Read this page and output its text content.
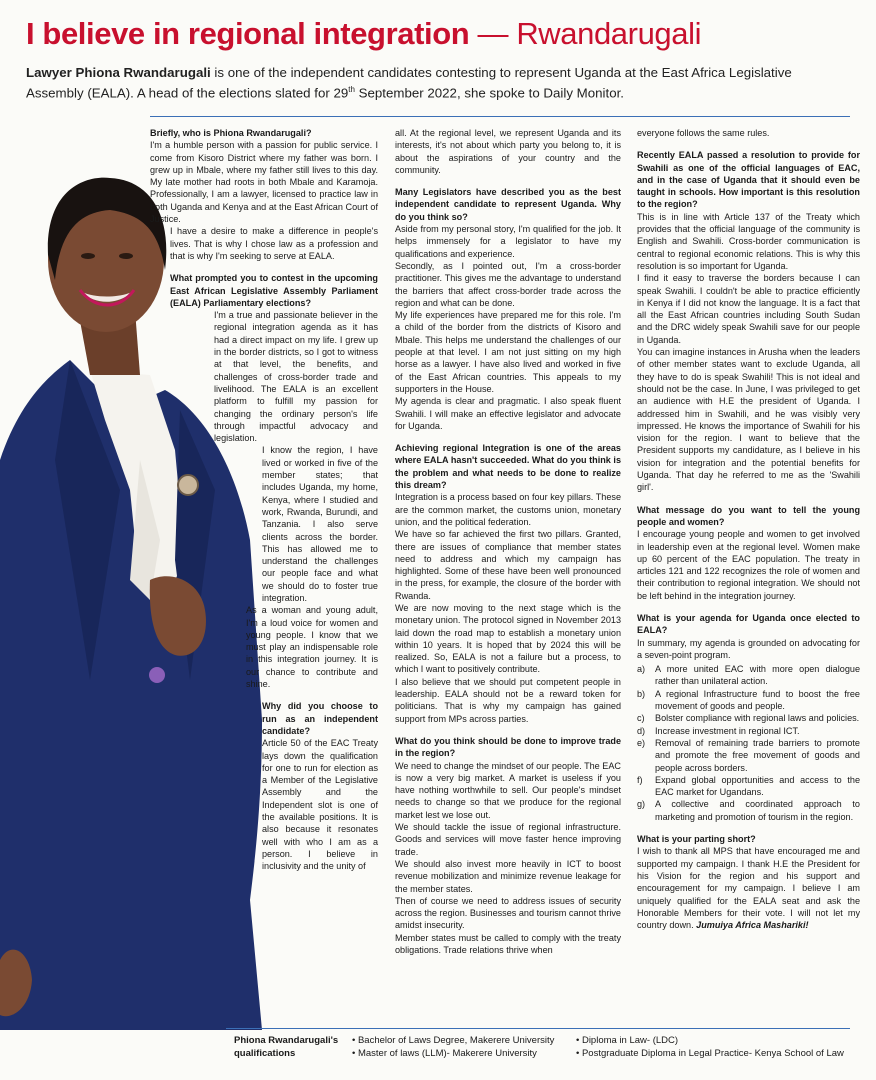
I believe in regional integration — Rwandarugali

Lawyer Phiona Rwandarugali is one of the independent candidates contesting to represent Uganda at the East Africa Legislative Assembly (EALA). A head of the elections slated for 29th September 2022, she spoke to Daily Monitor.

Briefly, who is Phiona Rwandarugali?

I'm a humble person with a passion for public service. I come from Kisoro District where my father was born. I grew up in Mbale, where my father still lives to this day. My late mother had roots in both Mbale and Karamoja. Professionally, I am a lawyer, licensed to practice law in both Uganda and Kenya and at the East African Court of Justice.

I have a desire to make a difference in people's lives. That is why I chose law as a profession and that is why I'm seeking to serve at EALA.

What prompted you to contest in the upcoming East African Legislative Assembly Parliament (EALA) Parliamentary elections?

I'm a true and passionate believer in the regional integration agenda as it has had a direct impact on my life. I grew up in the border districts, so I got to witness at that level, the benefits, and challenges of cross-border trade and livelihood. The EALA is an excellent platform to fulfill my passion for changing the ordinary person's life through impactful advocacy and legislation.

I know the region, I have lived or worked in five of the member states; that includes Uganda, my home, Kenya, where I studied and work, Rwanda, Burundi, and Tanzania. I also serve clients across the border. This has allowed me to understand the challenges our people face and what we should do to foster true integration.

As a woman and young adult, I'm a loud voice for women and young people. I know that we must play an indispensable role in this integration journey. It is our chance to contribute and shine.

Why did you choose to run as an independent candidate?

Article 50 of the EAC Treaty lays down the qualification for one to run for election as a Member of the Legislative Assembly and the Independent slot is one of the available positions. It is also because it resonates well with who I am as a person. I believe in inclusivity and the unity of

all. At the regional level, we represent Uganda and its interests, it's not about which party you belong to, it is about the aspirations of your country and the community.

Many Legislators have described you as the best independent candidate to represent Uganda. Why do you think so?

Aside from my personal story, I'm qualified for the job. It helps immensely for a legislator to have my qualifications and experience.

Secondly, as I pointed out, I'm a cross-border practitioner. This gives me the advantage to understand the barriers that affect cross-border trade across the region and what can be done.

My life experiences have prepared me for this role. I'm a child of the border from the districts of Kisoro and Mbale. This helps me understand the challenges of our people at that level. I am not just sitting on my high horse as a lawyer. I have also lived and worked in five of the East African countries. This appeals to my supporters in the House.

My agenda is clear and pragmatic. I also speak fluent Swahili. I will make an effective legislator and advocate for Uganda.

Achieving regional Integration is one of the areas where EALA hasn't succeeded. What do you think is the problem and what needs to be done to realize this dream?

Integration is a process based on four key pillars. These are the common market, the customs union, monetary union, and the political federation.

We have so far achieved the first two pillars. Granted, there are issues of compliance that member states need to address and which my campaign has highlighted. Some of these have been well pronounced in the press, for example, the closure of the border with Rwanda.

We are now moving to the next stage which is the monetary union. The protocol signed in November 2013 laid down the road map to establish a monetary union within 10 years. It is hoped that by 2024 this will be realized. So, EALA is not a failure but a process, to which I want to positively contribute.

I also believe that we should put competent people in leadership. EALA should not be a reward token for politicians. That is why my campaign has gained support from MPs across parties.

What do you think should be done to improve trade in the region?

We need to change the mindset of our people. The EAC is now a very big market. A market is useless if you have nothing worthwhile to sell. Our people's mindset needs to change so that we produce for the regional market lest we lose out.

We should tackle the issue of regional infrastructure. Goods and services will move faster hence improving trade.

We should also invest more heavily in ICT to boost revenue mobilization and minimize revenue leakage for the member states.

Then of course we need to address issues of security across the region. Businesses and tourism cannot thrive amidst insecurity.

Member states must be called to comply with the treaty obligations. Trade relations thrive when

everyone follows the same rules.

Recently EALA passed a resolution to provide for Swahili as one of the official languages of EAC, and in the case of Uganda that it should even be taught in schools. How important is this resolution to the region?

This is in line with Article 137 of the Treaty which provides that the official language of the community is English and Swahili. Cross-border communication is central to regional economic relations. This is why this resolution is so important for Uganda.

I find it easy to traverse the borders because I can speak Swahili. I couldn't be able to practice efficiently in Kenya if I did not know the language. It is a fact that all the East African countries including South Sudan and the DRC widely speak Swahili save for our people in Uganda.

You can imagine instances in Arusha when the leaders of other member states want to exclude Uganda, all they have to do is speak Swahili! This is not ideal and should not be the case. In June, I was privileged to get an audience with H.E the president of Uganda. I addressed him in Swahili, and he was visibly very impressed. He knows the importance of Swahili for his vision for the region. I want to believe that the President supports my candidature, as I believe in his vision for integration and the potential benefits for Uganda. That day he referred to me as the 'Swahili girl'.

What message do you want to tell the young people and women?

I encourage young people and women to get involved in leadership even at the regional level. Women make up 60 percent of the EAC population. The treaty in articles 121 and 122 recognizes the role of women and their contribution to regional integration. We should not be left behind in the integration journey.

What is your agenda for Uganda once elected to EALA?

In summary, my agenda is grounded on advocating for a seven-point program.

a)	A more united EAC with more open dialogue rather than unilateral action.
b)	A regional Infrastructure fund to boost the free movement of goods and people.
c)	Bolster compliance with regional laws and policies.
d)	Increase investment in regional ICT.
e)	Removal of remaining trade barriers to promote and promote the free movement of goods and people across borders.
f)	Expand global opportunities and access to the EAC market for Ugandans.
g)	A collective and coordinated approach to marketing and promotion of tourism in the region.

What is your parting short?

I wish to thank all MPS that have encouraged me and supported my campaign. I thank H.E the President for his Vision for the region and his support and encouragement for my campaign. I believe I am uniquely qualified for the EALA seat and ask the Honorable Members for their vote. I will not let my country down. Jumuiya Africa Mashariki!

Phiona Rwandarugali's qualifications
• Bachelor of Laws Degree, Makerere University
• Master of laws (LLM)- Makerere University
• Diploma in Law- (LDC)
• Postgraduate Diploma in Legal Practice- Kenya School of Law
